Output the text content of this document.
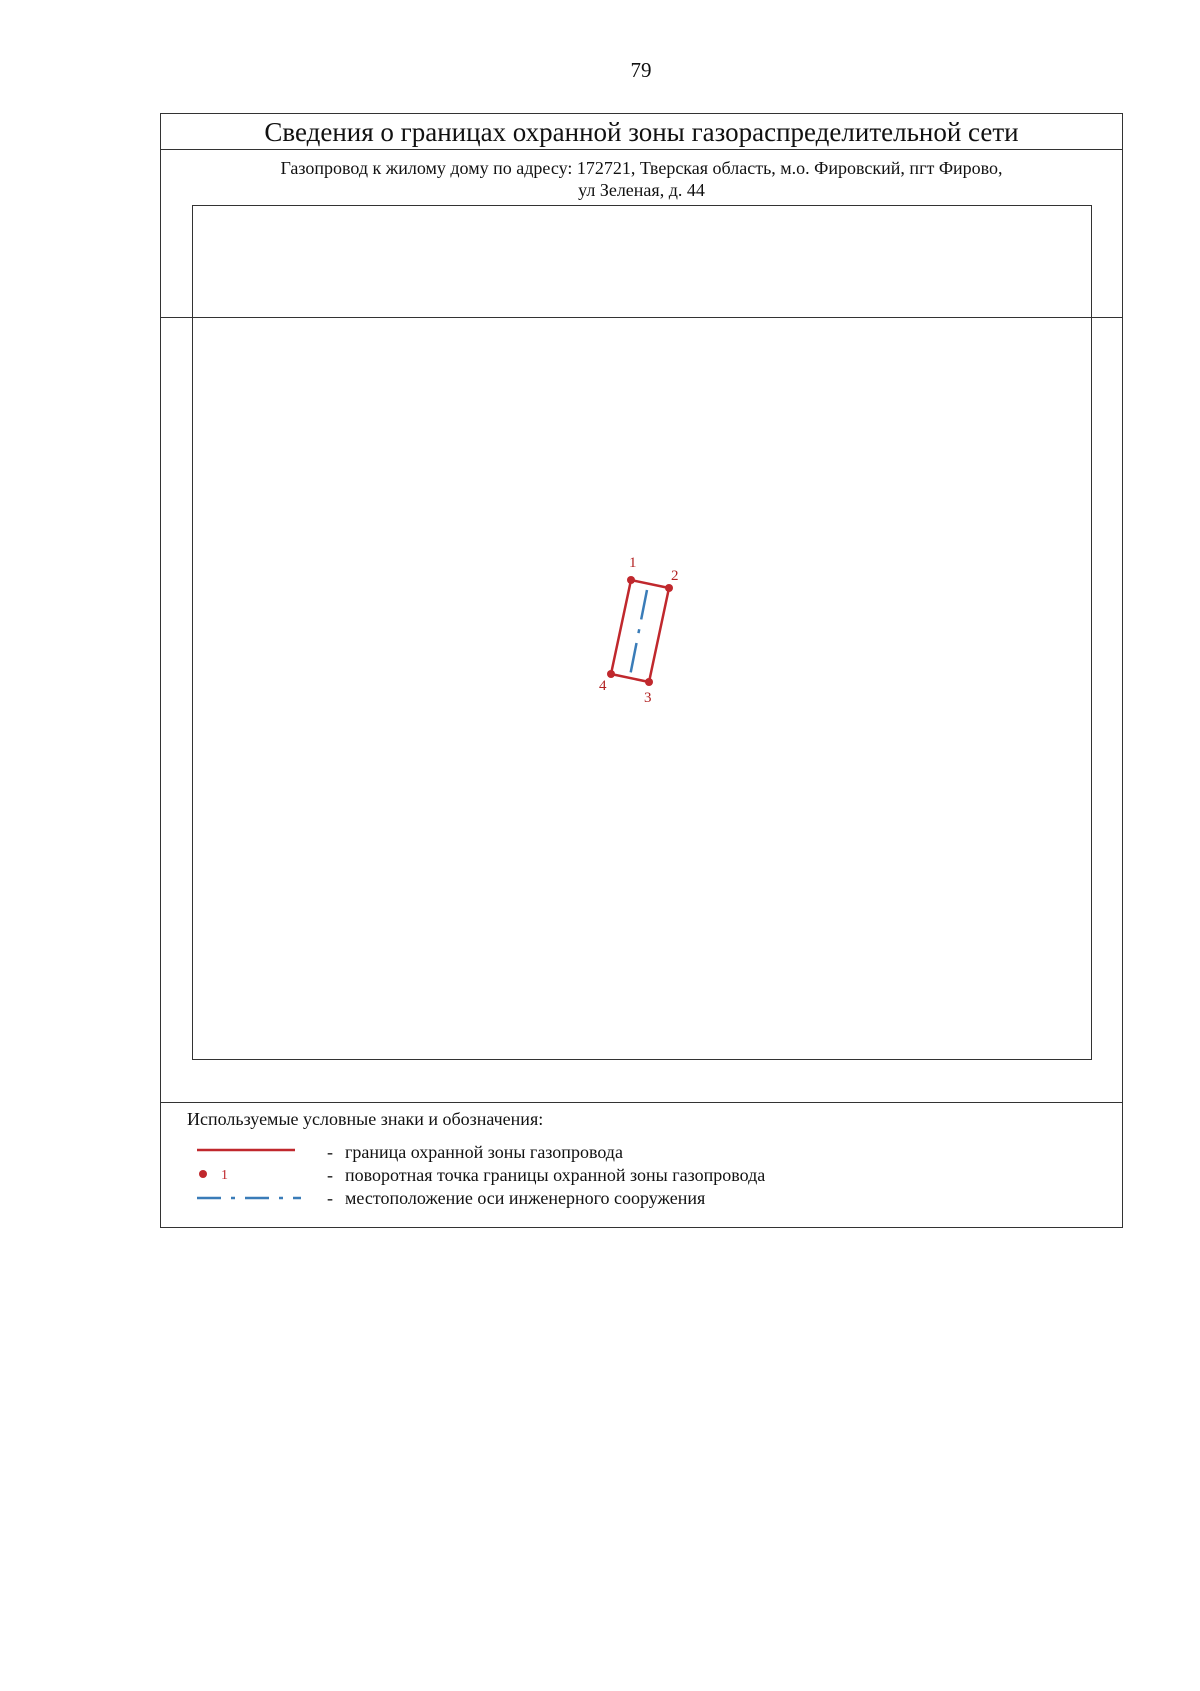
79
Сведения о границах охранной зоны газораспределительной сети
Газопровод к жилому дому по адресу: 172721, Тверская область, м.о. Фировский, пгт Фирово,
ул Зеленая, д. 44
1
2
3
4
Используемые условные знаки и обозначения:
- граница охранной зоны газопровода
1	- поворотная точка границы охранной зоны газопровода
- местоположение оси инженерного сооружения
